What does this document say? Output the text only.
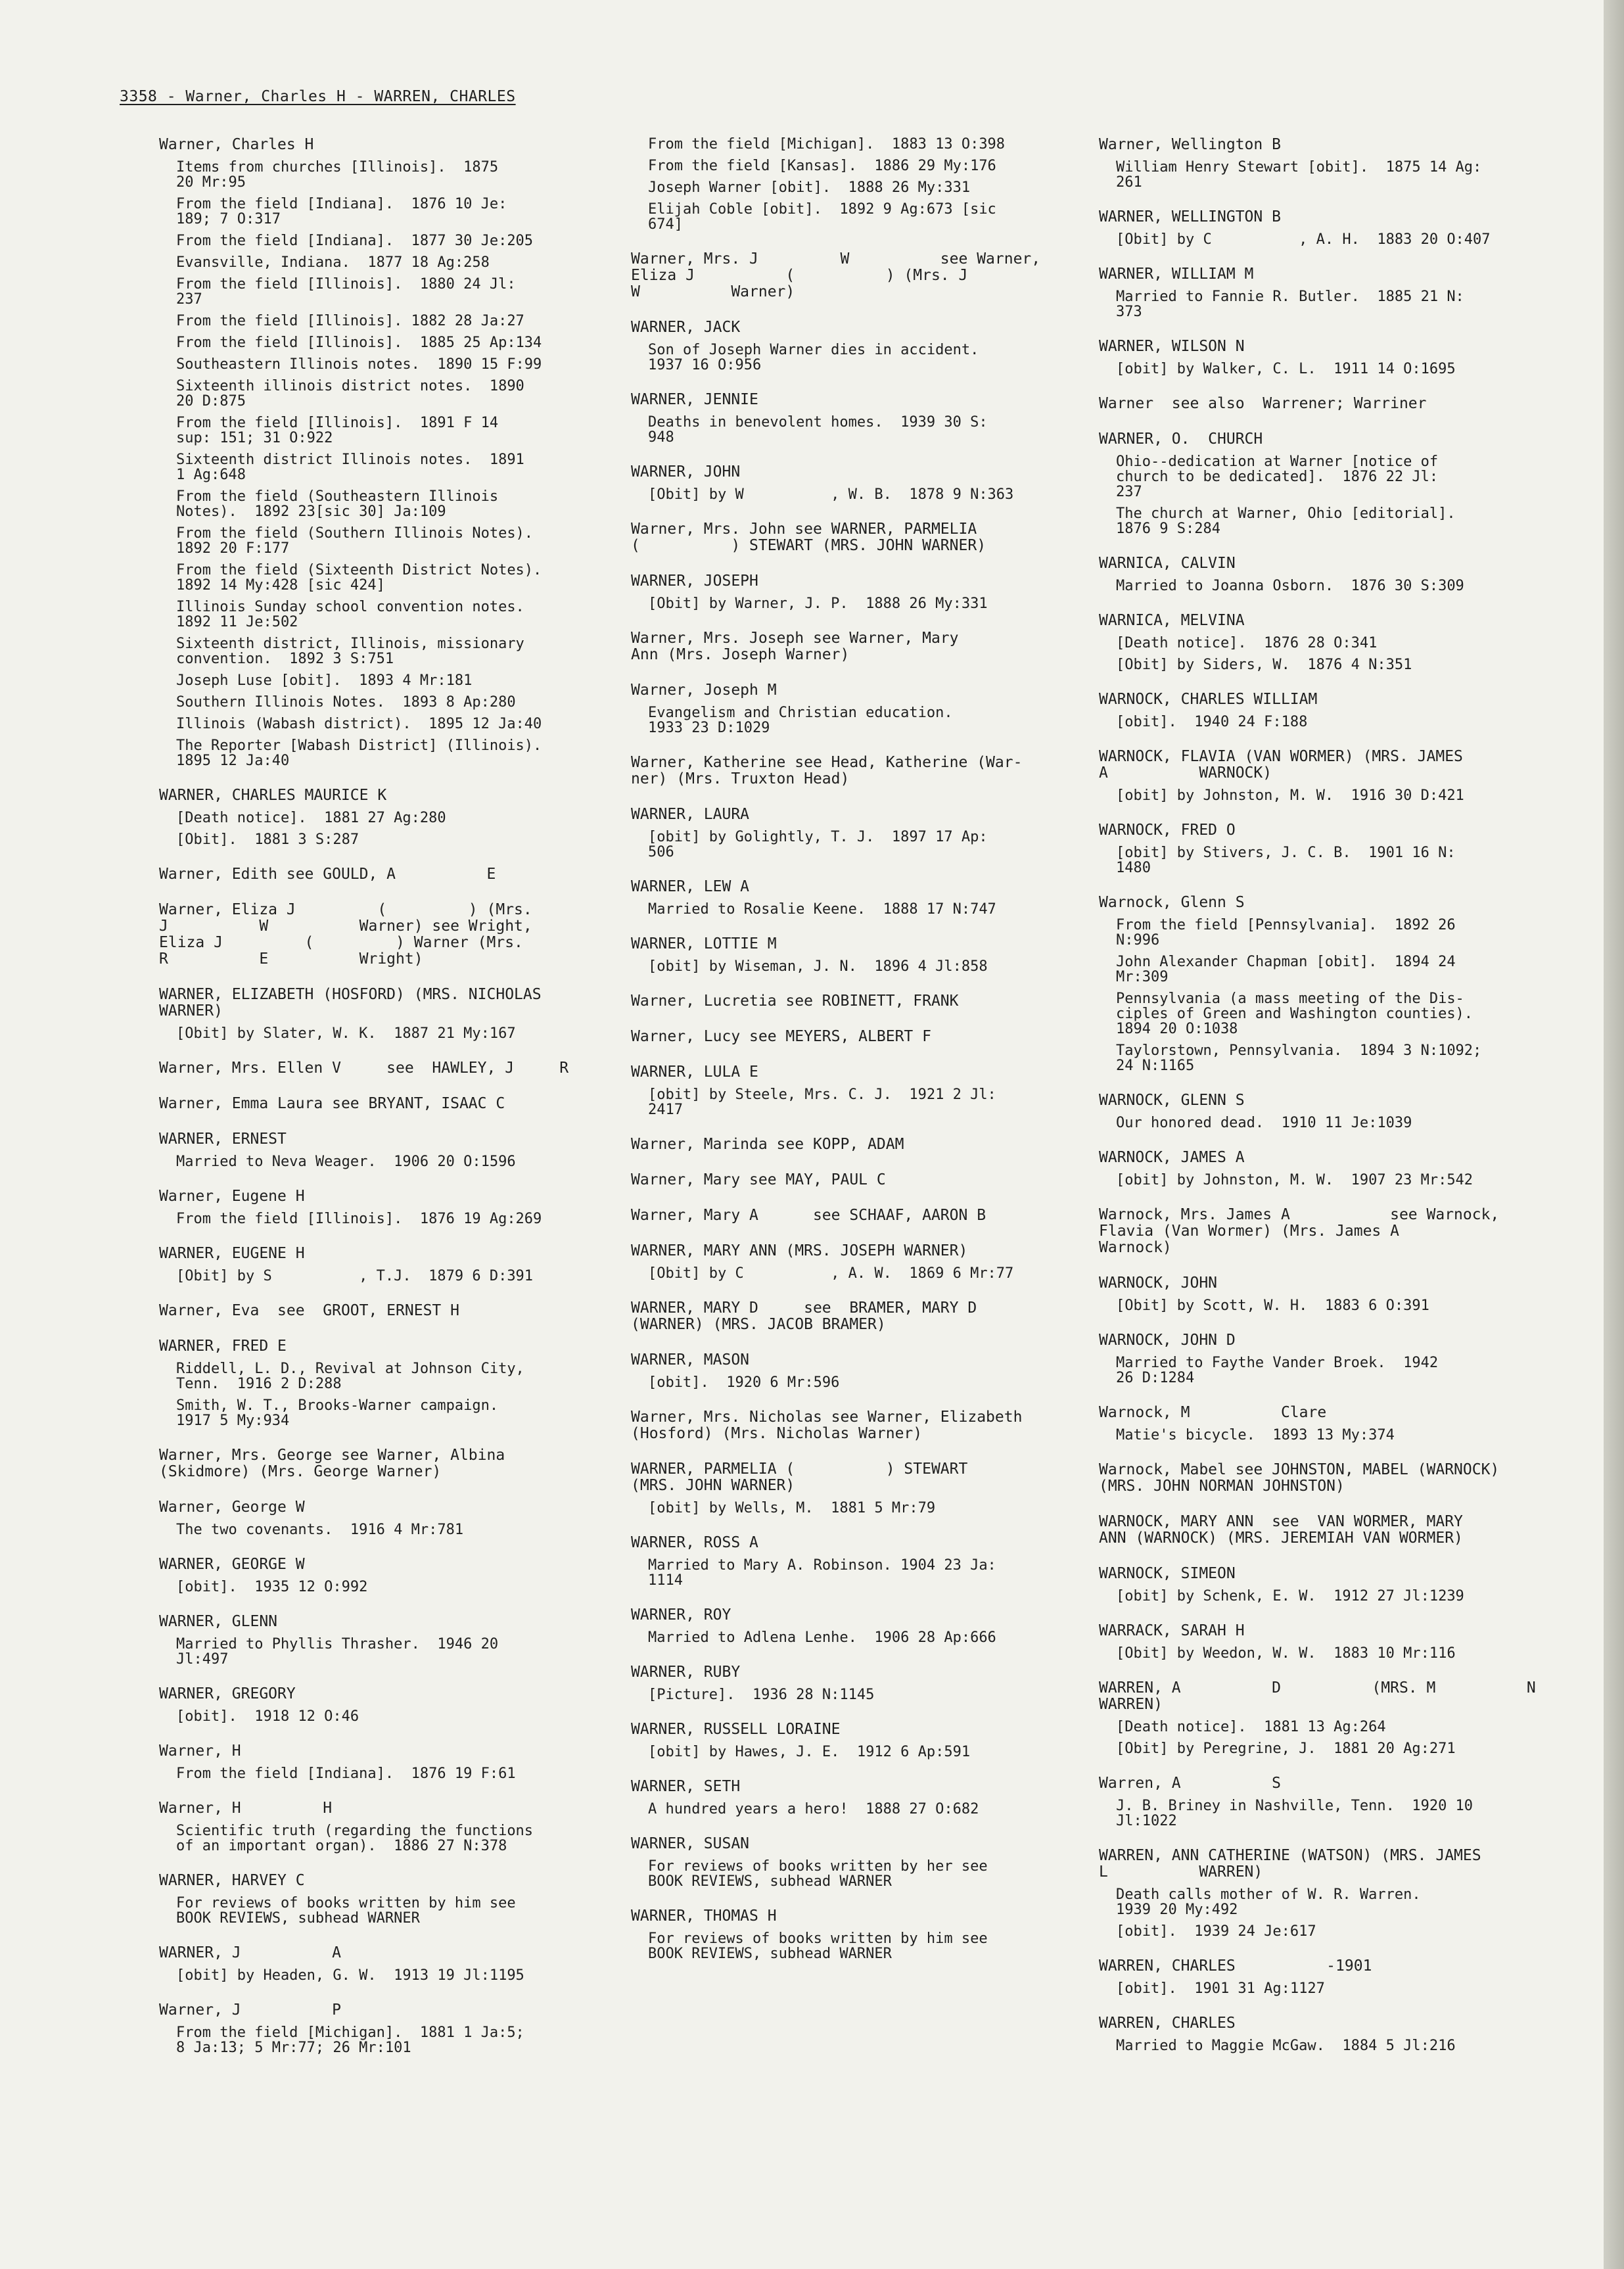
3358 - Warner, Charles H - WARREN, CHARLES
Warner, Charles H
Items from churches [Illinois].  1875
20 Mr:95
From the field [Indiana].  1876 10 Je:
189; 7 O:317
From the field [Indiana].  1877 30 Je:205
Evansville, Indiana.  1877 18 Ag:258
From the field [Illinois].  1880 24 Jl:
237
From the field [Illinois]. 1882 28 Ja:27
From the field [Illinois].  1885 25 Ap:134
Southeastern Illinois notes.  1890 15 F:99
Sixteenth illinois district notes.  1890
20 D:875
From the field [Illinois].  1891 F 14
sup: 151; 31 O:922
Sixteenth district Illinois notes.  1891
1 Ag:648
From the field (Southeastern Illinois
Notes).  1892 23[sic 30] Ja:109
From the field (Southern Illinois Notes).
1892 20 F:177
From the field (Sixteenth District Notes).
1892 14 My:428 [sic 424]
Illinois Sunday school convention notes.
1892 11 Je:502
Sixteenth district, Illinois, missionary
convention.  1892 3 S:751
Joseph Luse [obit].  1893 4 Mr:181
Southern Illinois Notes.  1893 8 Ap:280
Illinois (Wabash district).  1895 12 Ja:40
The Reporter [Wabash District] (Illinois).
1895 12 Ja:40
WARNER, CHARLES MAURICE K
[Death notice].  1881 27 Ag:280
[Obit].  1881 3 S:287
Warner, Edith see GOULD, A          E
Warner, Eliza J         (         ) (Mrs.
J          W          Warner) see Wright,
Eliza J         (         ) Warner (Mrs.
R          E          Wright)
WARNER, ELIZABETH (HOSFORD) (MRS. NICHOLAS
WARNER)
[Obit] by Slater, W. K.  1887 21 My:167
Warner, Mrs. Ellen V     see  HAWLEY, J     R
Warner, Emma Laura see BRYANT, ISAAC C
WARNER, ERNEST
Married to Neva Weager.  1906 20 O:1596
Warner, Eugene H
From the field [Illinois].  1876 19 Ag:269
WARNER, EUGENE H
[Obit] by S          , T.J.  1879 6 D:391
Warner, Eva  see  GROOT, ERNEST H
WARNER, FRED E
Riddell, L. D., Revival at Johnson City,
Tenn.  1916 2 D:288
Smith, W. T., Brooks-Warner campaign.
1917 5 My:934
Warner, Mrs. George see Warner, Albina
(Skidmore) (Mrs. George Warner)
Warner, George W
The two covenants.  1916 4 Mr:781
WARNER, GEORGE W
[obit].  1935 12 O:992
WARNER, GLENN
Married to Phyllis Thrasher.  1946 20
Jl:497
WARNER, GREGORY
[obit].  1918 12 O:46
Warner, H
From the field [Indiana].  1876 19 F:61
Warner, H         H
Scientific truth (regarding the functions
of an important organ).  1886 27 N:378
WARNER, HARVEY C
For reviews of books written by him see
BOOK REVIEWS, subhead WARNER
WARNER, J          A
[obit] by Headen, G. W.  1913 19 Jl:1195
Warner, J          P
From the field [Michigan].  1881 1 Ja:5;
8 Ja:13; 5 Mr:77; 26 Mr:101
From the field [Michigan].  1883 13 O:398
From the field [Kansas].  1886 29 My:176
Joseph Warner [obit].  1888 26 My:331
Elijah Coble [obit].  1892 9 Ag:673 [sic
674]
Warner, Mrs. J         W          see Warner,
Eliza J          (          ) (Mrs. J
W          Warner)
WARNER, JACK
Son of Joseph Warner dies in accident.
1937 16 O:956
WARNER, JENNIE
Deaths in benevolent homes.  1939 30 S:
948
WARNER, JOHN
[Obit] by W          , W. B.  1878 9 N:363
Warner, Mrs. John see WARNER, PARMELIA
(          ) STEWART (MRS. JOHN WARNER)
WARNER, JOSEPH
[Obit] by Warner, J. P.  1888 26 My:331
Warner, Mrs. Joseph see Warner, Mary
Ann (Mrs. Joseph Warner)
Warner, Joseph M
Evangelism and Christian education.
1933 23 D:1029
Warner, Katherine see Head, Katherine (War-
ner) (Mrs. Truxton Head)
WARNER, LAURA
[obit] by Golightly, T. J.  1897 17 Ap:
506
WARNER, LEW A
Married to Rosalie Keene.  1888 17 N:747
WARNER, LOTTIE M
[obit] by Wiseman, J. N.  1896 4 Jl:858
Warner, Lucretia see ROBINETT, FRANK
Warner, Lucy see MEYERS, ALBERT F
WARNER, LULA E
[obit] by Steele, Mrs. C. J.  1921 2 Jl:
2417
Warner, Marinda see KOPP, ADAM
Warner, Mary see MAY, PAUL C
Warner, Mary A      see SCHAAF, AARON B
WARNER, MARY ANN (MRS. JOSEPH WARNER)
[Obit] by C          , A. W.  1869 6 Mr:77
WARNER, MARY D     see  BRAMER, MARY D
(WARNER) (MRS. JACOB BRAMER)
WARNER, MASON
[obit].  1920 6 Mr:596
Warner, Mrs. Nicholas see Warner, Elizabeth
(Hosford) (Mrs. Nicholas Warner)
WARNER, PARMELIA (          ) STEWART
(MRS. JOHN WARNER)
[obit] by Wells, M.  1881 5 Mr:79
WARNER, ROSS A
Married to Mary A. Robinson. 1904 23 Ja:
1114
WARNER, ROY
Married to Adlena Lenhe.  1906 28 Ap:666
WARNER, RUBY
[Picture].  1936 28 N:1145
WARNER, RUSSELL LORAINE
[obit] by Hawes, J. E.  1912 6 Ap:591
WARNER, SETH
A hundred years a hero!  1888 27 O:682
WARNER, SUSAN
For reviews of books written by her see
BOOK REVIEWS, subhead WARNER
WARNER, THOMAS H
For reviews of books written by him see
BOOK REVIEWS, subhead WARNER
Warner, Wellington B
William Henry Stewart [obit].  1875 14 Ag:
261
WARNER, WELLINGTON B
[Obit] by C          , A. H.  1883 20 O:407
WARNER, WILLIAM M
Married to Fannie R. Butler.  1885 21 N:
373
WARNER, WILSON N
[obit] by Walker, C. L.  1911 14 O:1695
Warner  see also  Warrener; Warriner
WARNER, O.  CHURCH
Ohio--dedication at Warner [notice of
church to be dedicated].  1876 22 Jl:
237
The church at Warner, Ohio [editorial].
1876 9 S:284
WARNICA, CALVIN
Married to Joanna Osborn.  1876 30 S:309
WARNICA, MELVINA
[Death notice].  1876 28 O:341
[Obit] by Siders, W.  1876 4 N:351
WARNOCK, CHARLES WILLIAM
[obit].  1940 24 F:188
WARNOCK, FLAVIA (VAN WORMER) (MRS. JAMES
A          WARNOCK)
[obit] by Johnston, M. W.  1916 30 D:421
WARNOCK, FRED O
[obit] by Stivers, J. C. B.  1901 16 N:
1480
Warnock, Glenn S
From the field [Pennsylvania].  1892 26
N:996
John Alexander Chapman [obit].  1894 24
Mr:309
Pennsylvania (a mass meeting of the Dis-
ciples of Green and Washington counties).
1894 20 O:1038
Taylorstown, Pennsylvania.  1894 3 N:1092;
24 N:1165
WARNOCK, GLENN S
Our honored dead.  1910 11 Je:1039
WARNOCK, JAMES A
[obit] by Johnston, M. W.  1907 23 Mr:542
Warnock, Mrs. James A           see Warnock,
Flavia (Van Wormer) (Mrs. James A
Warnock)
WARNOCK, JOHN
[Obit] by Scott, W. H.  1883 6 O:391
WARNOCK, JOHN D
Married to Faythe Vander Broek.  1942
26 D:1284
Warnock, M          Clare
Matie's bicycle.  1893 13 My:374
Warnock, Mabel see JOHNSTON, MABEL (WARNOCK)
(MRS. JOHN NORMAN JOHNSTON)
WARNOCK, MARY ANN  see  VAN WORMER, MARY
ANN (WARNOCK) (MRS. JEREMIAH VAN WORMER)
WARNOCK, SIMEON
[obit] by Schenk, E. W.  1912 27 Jl:1239
WARRACK, SARAH H
[Obit] by Weedon, W. W.  1883 10 Mr:116
WARREN, A          D          (MRS. M          N
WARREN)
[Death notice].  1881 13 Ag:264
[Obit] by Peregrine, J.  1881 20 Ag:271
Warren, A          S
J. B. Briney in Nashville, Tenn.  1920 10
Jl:1022
WARREN, ANN CATHERINE (WATSON) (MRS. JAMES
L          WARREN)
Death calls mother of W. R. Warren.
1939 20 My:492
[obit].  1939 24 Je:617
WARREN, CHARLES          -1901
[obit].  1901 31 Ag:1127
WARREN, CHARLES
Married to Maggie McGaw.  1884 5 Jl:216
